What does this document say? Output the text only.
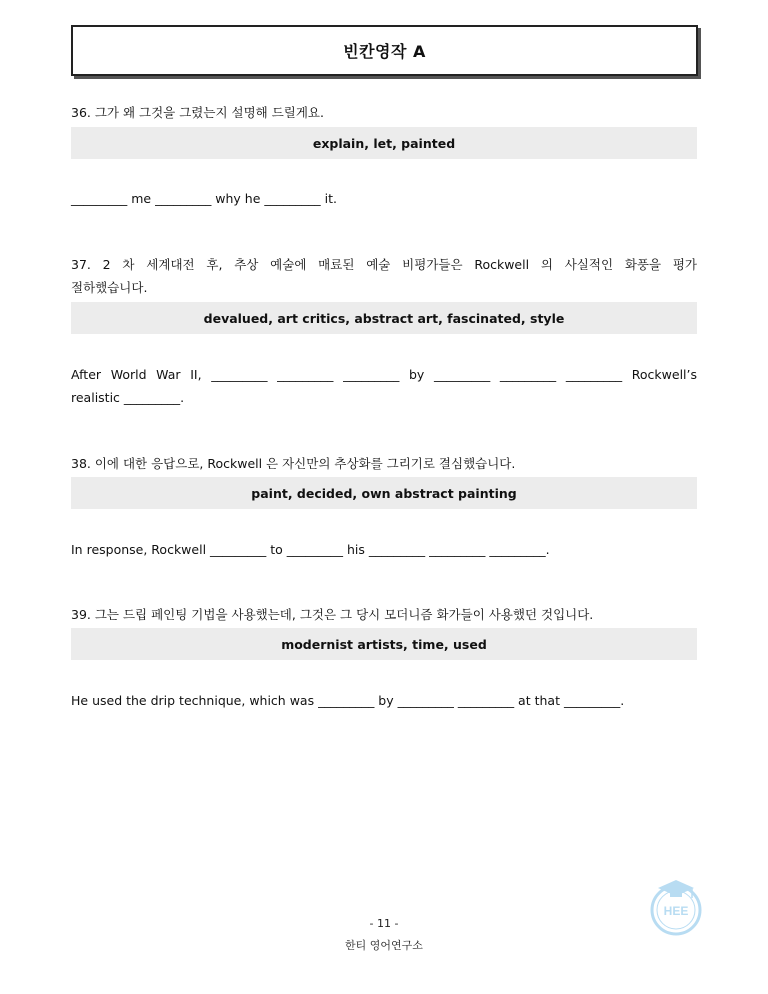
빈칸영작 A
36. 그가 왜 그것을 그렸는지 설명해 드릴게요.
explain, let, painted
_________ me _________ why he _________ it.
37. 2 차 세계대전 후, 추상 예술에 매료된 예술 비평가들은 Rockwell 의 사실적인 화풍을 평가
절하했습니다.
devalued, art critics, abstract art, fascinated, style
After World War II, _________ _________ _________ by _________ _________ _________ Rockwell’s
realistic _________.
38. 이에 대한 응답으로, Rockwell 은 자신만의 추상화를 그리기로 결심했습니다.
paint, decided, own abstract painting
In response, Rockwell _________ to _________ his _________ _________ _________.
39. 그는 드립 페인팅 기법을 사용했는데, 그것은 그 당시 모더니즘 화가들이 사용했던 것입니다.
modernist artists, time, used
He used the drip technique, which was _________ by _________ _________ at that _________.
HEE
- 11 -
한티 영어연구소
